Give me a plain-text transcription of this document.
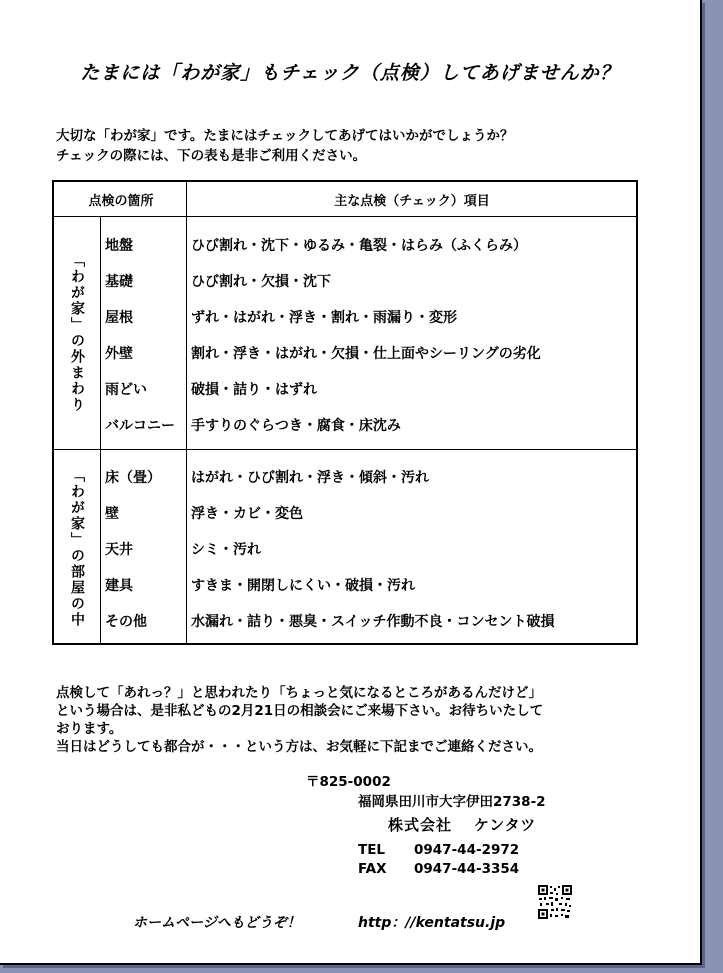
たまには「わが家」もチェック（点検）してあげませんか？
大切な「わが家」です。たまにはチェックしてあげてはいかがでしょうか？
チェックの際には、下の表も是非ご利用ください。
点検の箇所	主な点検（チェック）項目
「わが家」の外まわり
「わが家」の部屋の中
地盤	ひび割れ・沈下・ゆるみ・亀裂・はらみ（ふくらみ）
基礎	ひび割れ・欠損・沈下
屋根	ずれ・はがれ・浮き・割れ・雨漏り・変形
外壁	割れ・浮き・はがれ・欠損・仕上面やシーリングの劣化
雨どい	破損・詰り・はずれ
バルコニー	手すりのぐらつき・腐食・床沈み
床（畳）	はがれ・ひび割れ・浮き・傾斜・汚れ
壁	浮き・カビ・変色
天井	シミ・汚れ
建具	すきま・開閉しにくい・破損・汚れ
その他	水漏れ・詰り・悪臭・スイッチ作動不良・コンセント破損
点検して「あれっ？」と思われたり「ちょっと気になるところがあるんだけど」
という場合は、是非私どもの2月21日の相談会にご来場下さい。お待ちいたして
おります。
当日はどうしても都合が・・・という方は、お気軽に下記までご連絡ください。
〒825-0002
福岡県田川市大字伊田2738-2
株式会社 ケンタツ
TEL 0947-44-2972
FAX 0947-44-3354
ホームページへもどうぞ！	http：//kentatsu.jp
